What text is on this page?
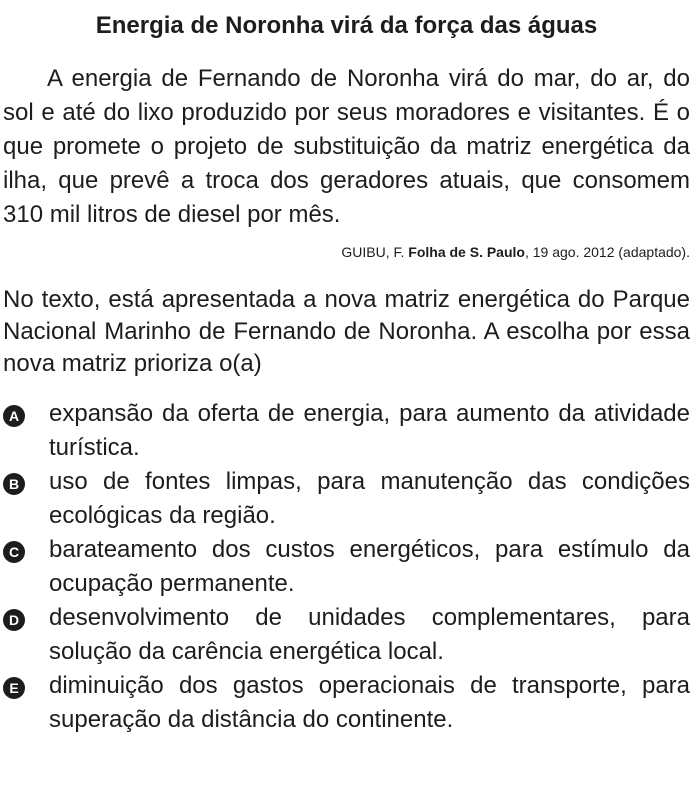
Energia de Noronha virá da força das águas

A energia de Fernando de Noronha virá do mar, do ar, do sol e até do lixo produzido por seus moradores e visitantes. É o que promete o projeto de substituição da matriz energética da ilha, que prevê a troca dos geradores atuais, que consomem 310 mil litros de diesel por mês.

GUIBU, F. Folha de S. Paulo, 19 ago. 2012 (adaptado).
No texto, está apresentada a nova matriz energética do Parque Nacional Marinho de Fernando de Noronha. A escolha por essa nova matriz prioriza o(a)
A expansão da oferta de energia, para aumento da atividade turística.
B uso de fontes limpas, para manutenção das condições ecológicas da região.
C barateamento dos custos energéticos, para estímulo da ocupação permanente.
D desenvolvimento de unidades complementares, para solução da carência energética local.
E diminuição dos gastos operacionais de transporte, para superação da distância do continente.
